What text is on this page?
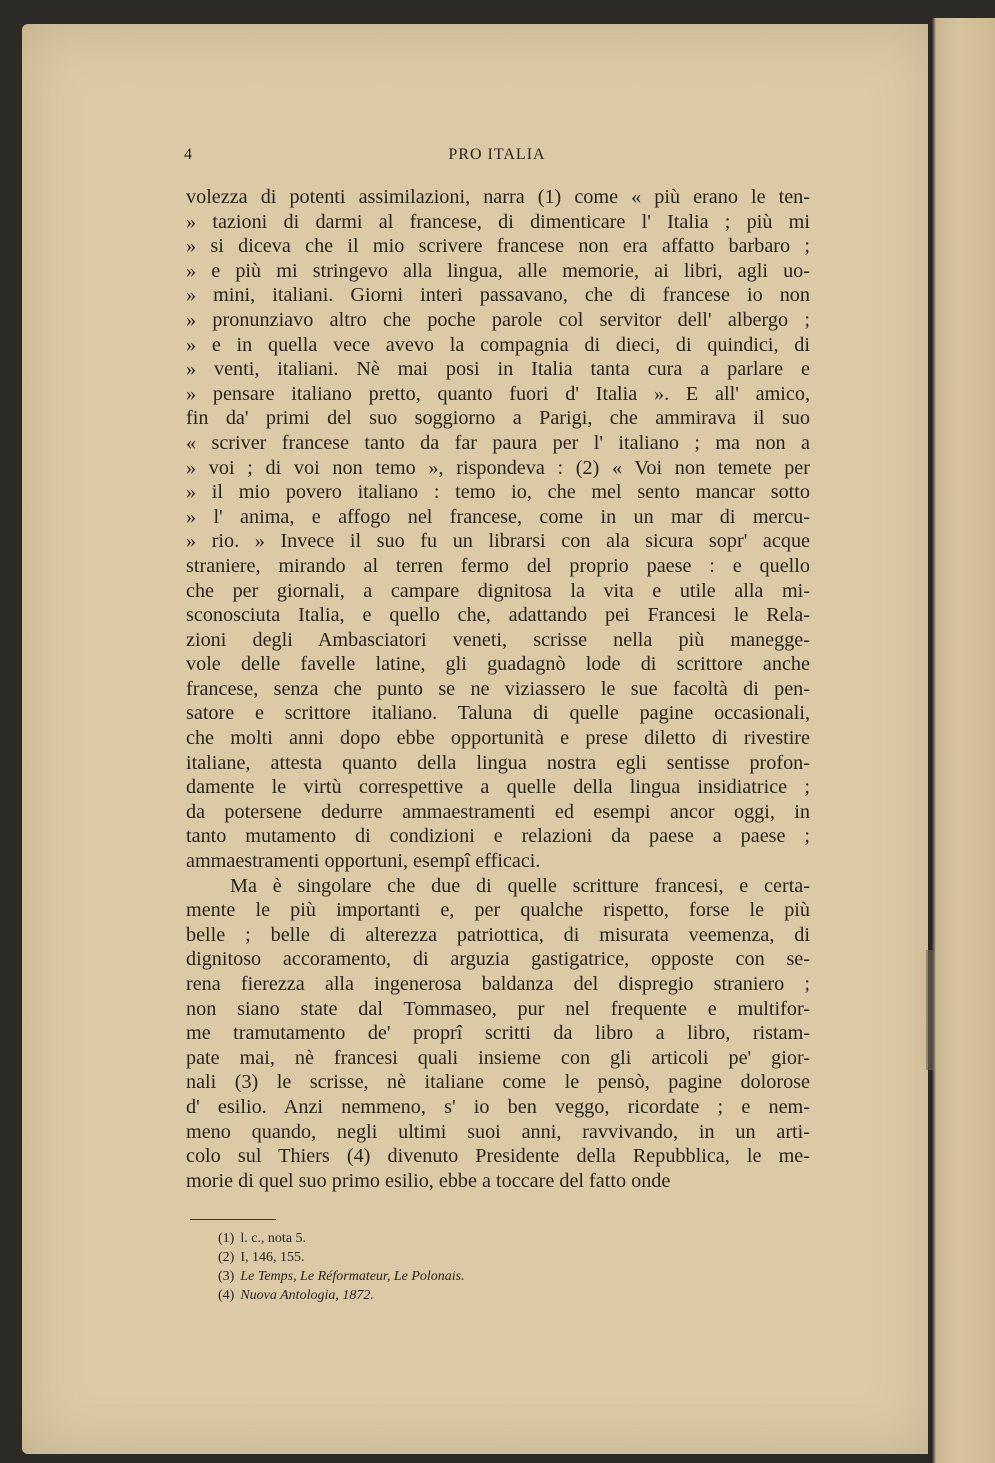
4	PRO ITALIA
volezza di potenti assimilazioni, narra (1) come « più erano le ten-
» tazioni di darmi al francese, di dimenticare l' Italia ; più mi
» si diceva che il mio scrivere francese non era affatto barbaro ;
» e più mi stringevo alla lingua, alle memorie, ai libri, agli uo-
» mini, italiani. Giorni interi passavano, che di francese io non
» pronunziavo altro che poche parole col servitor dell' albergo ;
» e in quella vece avevo la compagnia di dieci, di quindici, di
» venti, italiani. Nè mai posi in Italia tanta cura a parlare e
» pensare italiano pretto, quanto fuori d' Italia ». E all' amico,
fin da' primi del suo soggiorno a Parigi, che ammirava il suo
« scriver francese tanto da far paura per l' italiano ; ma non a
» voi ; di voi non temo », rispondeva : (2) « Voi non temete per
» il mio povero italiano : temo io, che mel sento mancar sotto
» l' anima, e affogo nel francese, come in un mar di mercu-
» rio. » Invece il suo fu un librarsi con ala sicura sopr' acque
straniere, mirando al terren fermo del proprio paese : e quello
che per giornali, a campare dignitosa la vita e utile alla mi-
sconosciuta Italia, e quello che, adattando pei Francesi le Rela-
zioni degli Ambasciatori veneti, scrisse nella più manegge-
vole delle favelle latine, gli guadagnò lode di scrittore anche
francese, senza che punto se ne viziassero le sue facoltà di pen-
satore e scrittore italiano. Taluna di quelle pagine occasionali,
che molti anni dopo ebbe opportunità e prese diletto di rivestire
italiane, attesta quanto della lingua nostra egli sentisse profon-
damente le virtù correspettive a quelle della lingua insidiatrice ;
da potersene dedurre ammaestramenti ed esempi ancor oggi, in
tanto mutamento di condizioni e relazioni da paese a paese ;
ammaestramenti opportuni, esempî efficaci.
Ma è singolare che due di quelle scritture francesi, e certa-
mente le più importanti e, per qualche rispetto, forse le più
belle ; belle di alterezza patriottica, di misurata veemenza, di
dignitoso accoramento, di arguzia gastigatrice, opposte con se-
rena fierezza alla ingenerosa baldanza del dispregio straniero ;
non siano state dal Tommaseo, pur nel frequente e multifor-
me tramutamento de' proprî scritti da libro a libro, ristam-
pate mai, nè francesi quali insieme con gli articoli pe' gior-
nali (3) le scrisse, nè italiane come le pensò, pagine dolorose
d' esilio. Anzi nemmeno, s' io ben veggo, ricordate ; e nem-
meno quando, negli ultimi suoi anni, ravvivando, in un arti-
colo sul Thiers (4) divenuto Presidente della Repubblica, le me-
morie di quel suo primo esilio, ebbe a toccare del fatto onde
(1) l. c., nota 5.
(2) I, 146, 155.
(3) Le Temps, Le Réformateur, Le Polonais.
(4) Nuova Antologia, 1872.
